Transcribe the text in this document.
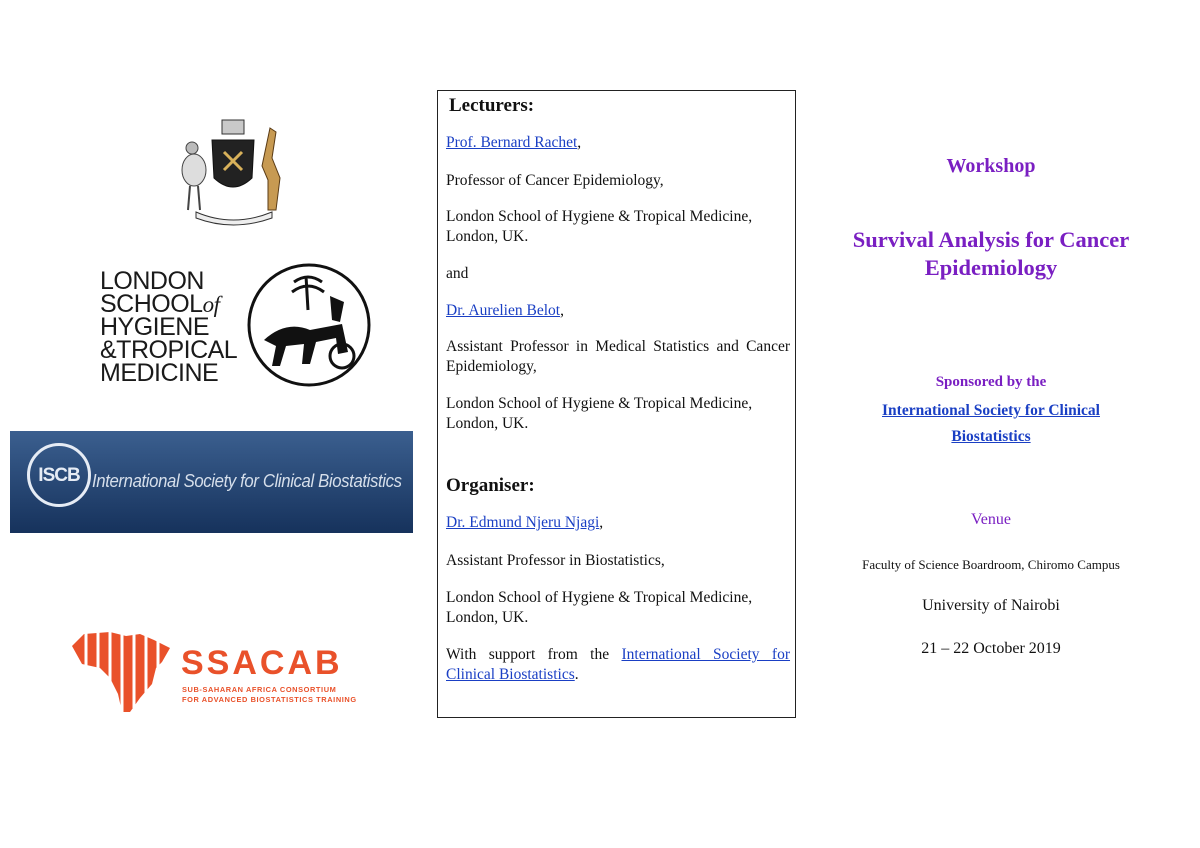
LONDON
SCHOOLof
HYGIENE
&TROPICAL
MEDICINE
ISCB International Society for Clinical Biostatistics
SSACAB
SUB-SAHARAN AFRICA CONSORTIUM
FOR ADVANCED BIOSTATISTICS TRAINING
Lecturers:
Prof. Bernard Rachet,
Professor of Cancer Epidemiology,
London School of Hygiene & Tropical Medicine, London, UK.
and
Dr. Aurelien Belot,
Assistant Professor in Medical Statistics and Cancer Epidemiology,
London School of Hygiene & Tropical Medicine, London, UK.
Organiser:
Dr. Edmund Njeru Njagi,
Assistant Professor in Biostatistics,
London School of Hygiene & Tropical Medicine, London, UK.
With support from the International Society for Clinical Biostatistics.
Workshop
Survival Analysis for Cancer Epidemiology
Sponsored by the
International Society for Clinical Biostatistics
Venue
Faculty of Science Boardroom, Chiromo Campus
University of Nairobi
21 – 22 October 2019
